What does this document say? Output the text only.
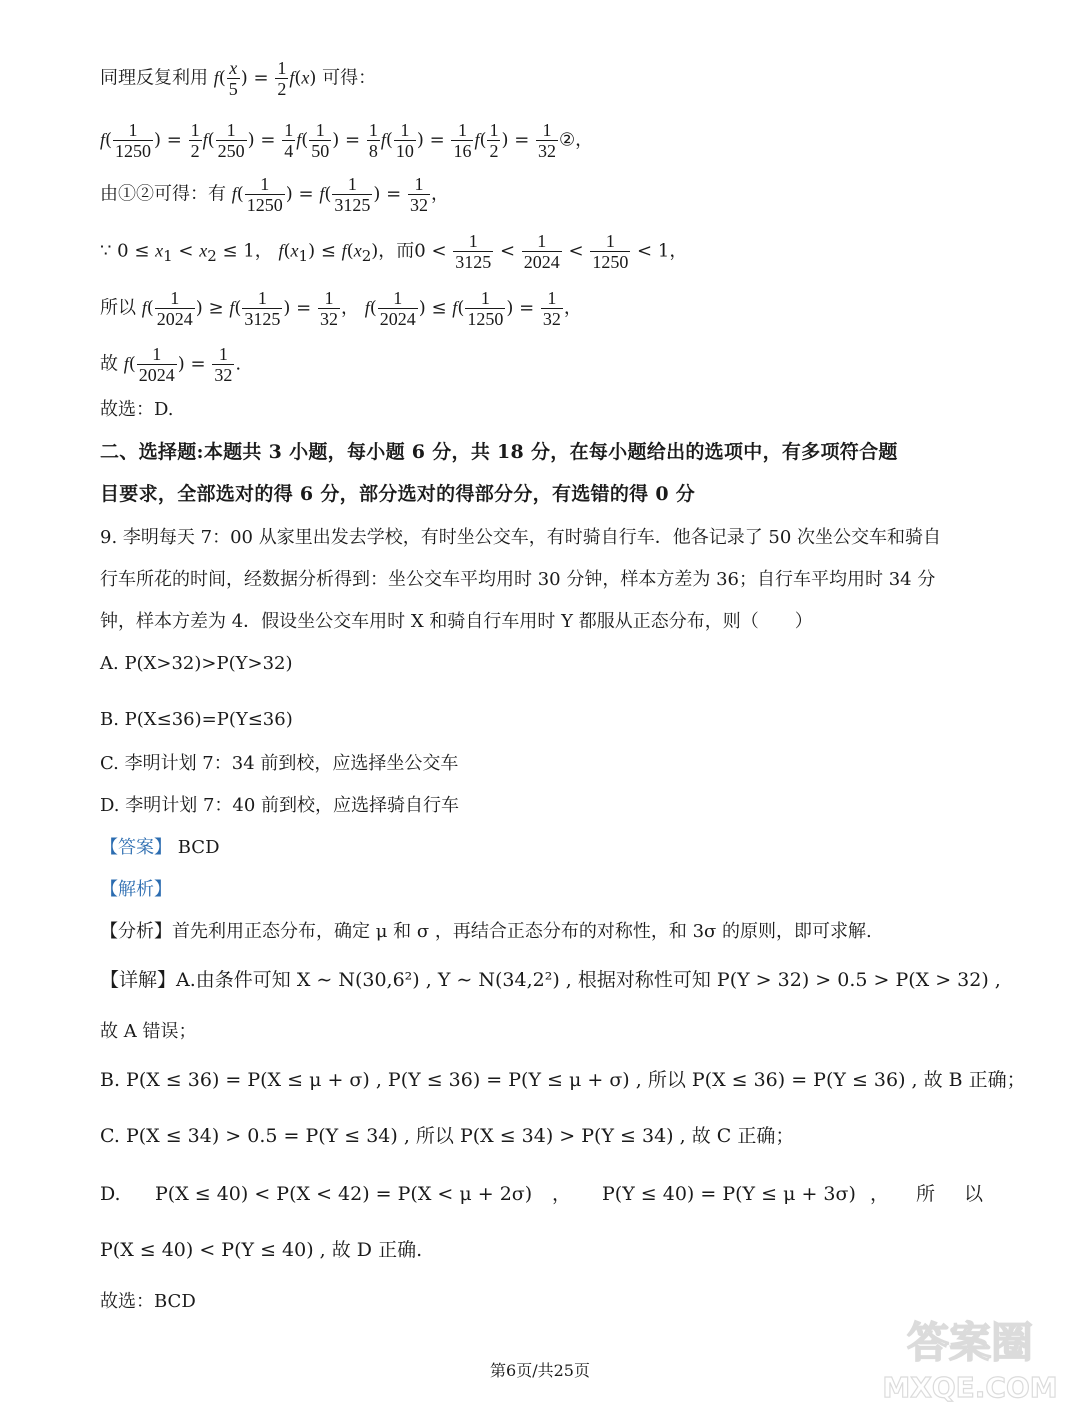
同理反复利用 $f( \frac{x}{5}$ ) = $\frac{1}{2} f(x)$ 可得：
$f( \frac{1}{1250}$ ) = $\frac{1}{2} f( \frac{1}{250}$ ) = $\frac{1}{4} f( \frac{1}{50}$ ) = $\frac{1}{8} f( \frac{1}{10}$ ) = $\frac{1}{16} f( \frac{1}{2}$ ) = $\frac{1}{32}$ ②，
由①②可得：有 $f( \frac{1}{1250}$ ) = $f( \frac{1}{3125}$ ) = $\frac{1}{32}$ ，
∵ $0 \le x_1 < x_2 \le 1$， $f(x_1) \le f(x_2)$，而$0 < \frac{1}{3125} < \frac{1}{2024} < \frac{1}{1250} < 1$，
所以 $f( \frac{1}{2024}$ ) ≥ $f( \frac{1}{3125}$ ) = $\frac{1}{32}$ ， $f( \frac{1}{2024}$ ) ≤ $f( \frac{1}{1250}$ ) = $\frac{1}{32}$ ，
故 $f( \frac{1}{2024}$ ) = $\frac{1}{32}$ .
故选：D.
二、选择题:本题共 3 小题，每小题 6 分，共 18 分，在每小题给出的选项中，有多项符合题
目要求，全部选对的得 6 分，部分选对的得部分分，有选错的得 0 分
9. 李明每天 7：00 从家里出发去学校，有时坐公交车，有时骑自行车．他各记录了 50 次坐公交车和骑自
行车所花的时间，经数据分析得到：坐公交车平均用时 30 分钟，样本方差为 36；自行车平均用时 34 分
钟，样本方差为 4．假设坐公交车用时 X 和骑自行车用时 Y 都服从正态分布，则（　　）
A. P(X>32)>P(Y>32)
B. P(X≤36)=P(Y≤36)
C. 李明计划 7：34 前到校，应选择坐公交车
D. 李明计划 7：40 前到校，应选择骑自行车
【答案】 BCD
【解析】
【分析】首先利用正态分布，确定 μ 和 σ ，再结合正态分布的对称性，和 3σ 的原则，即可求解.
【详解】A.由条件可知 X ∼ N(30,6²) , Y ∼ N(34,2²) , 根据对称性可知 P(Y > 32) > 0.5 > P(X > 32) ,
故 A 错误；
B. P(X ≤ 36) = P(X ≤ μ + σ) , P(Y ≤ 36) = P(Y ≤ μ + σ) , 所以 P(X ≤ 36) = P(Y ≤ 36) , 故 B 正确；
C. P(X ≤ 34) > 0.5 = P(Y ≤ 34) , 所以 P(X ≤ 34) > P(Y ≤ 34) , 故 C 正确；
D. P(X ≤ 40) < P(X < 42) = P(X < μ + 2σ) ， P(Y ≤ 40) = P(Y ≤ μ + 3σ) ， 所 以
P(X ≤ 40) < P(Y ≤ 40) , 故 D 正确.
故选：BCD
第6页/共25页
答案圈
MXQE.COM
